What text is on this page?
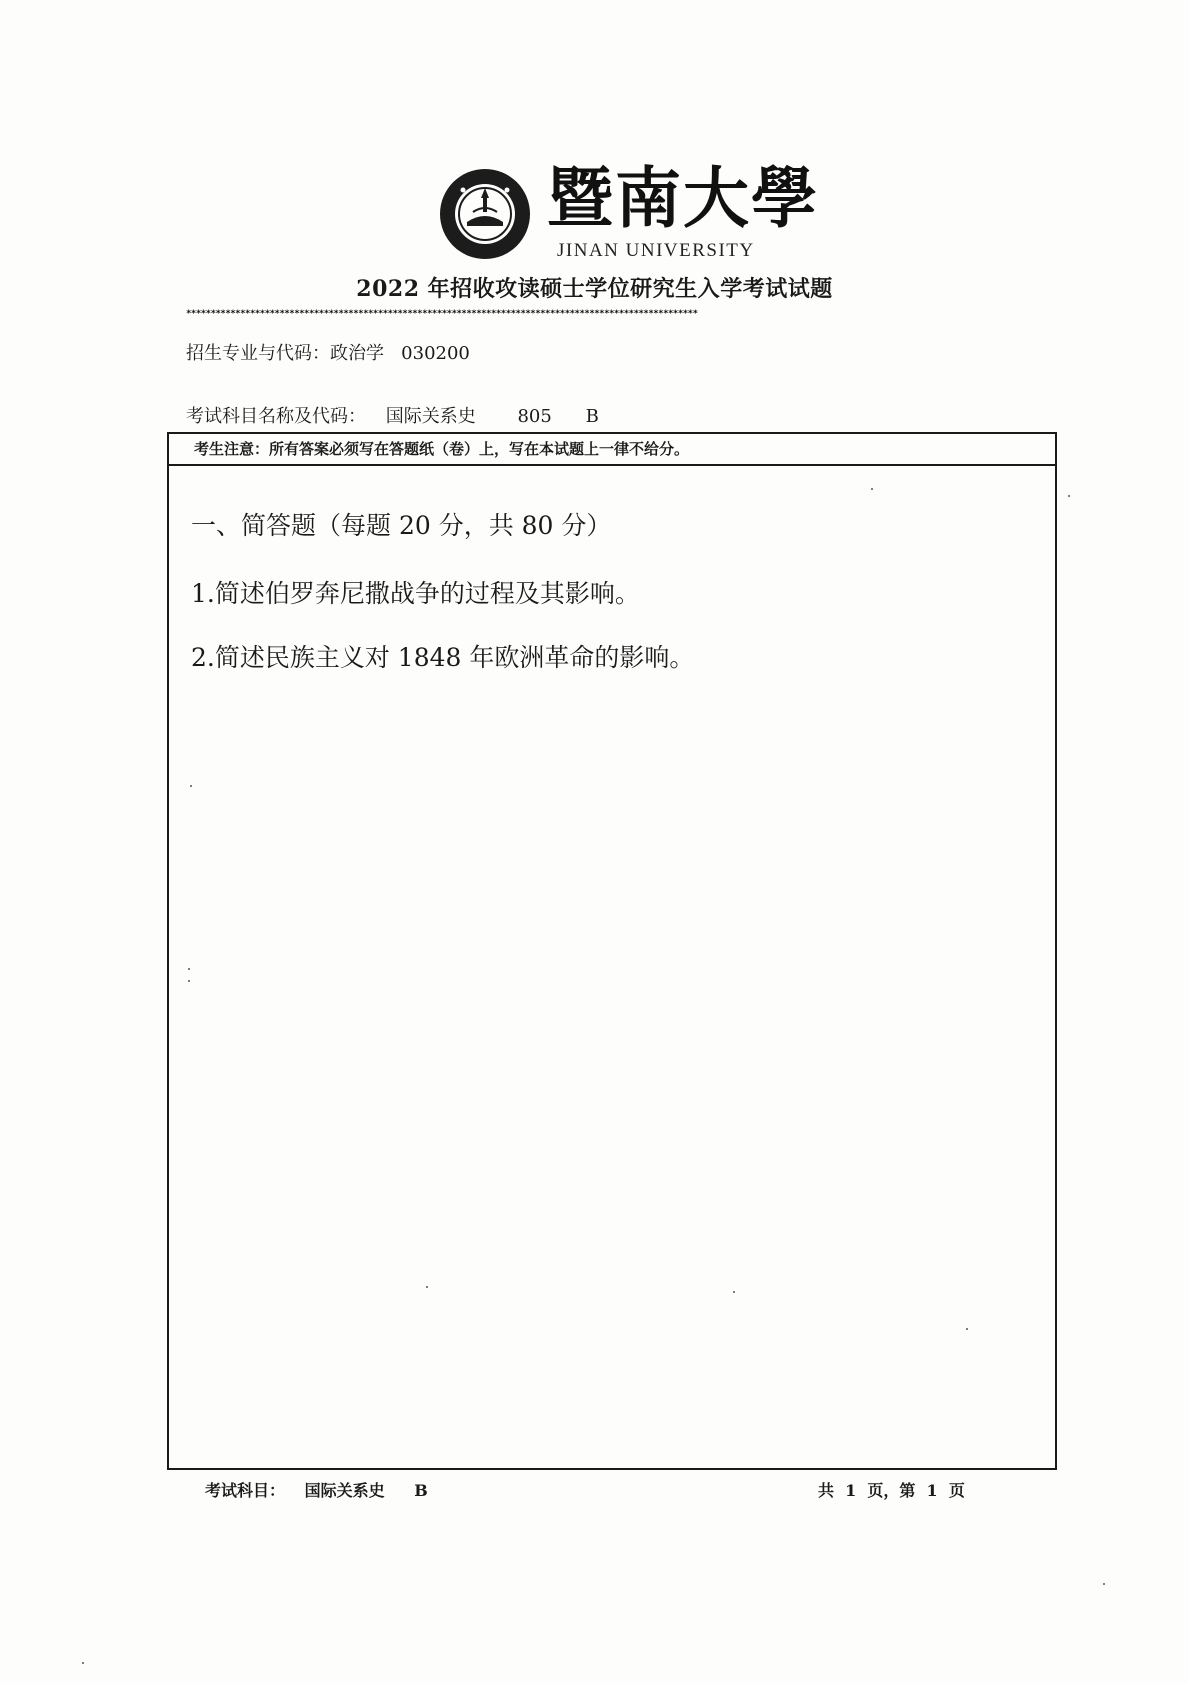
暨南大學
JINAN UNIVERSITY
2022 年招收攻读硕士学位研究生入学考试试题
********************************************************************************************************
招生专业与代码：政治学   030200
考试科目名称及代码： 国际关系史 805 B
考生注意：所有答案必须写在答题纸（卷）上，写在本试题上一律不给分。
一、简答题（每题 20 分，共 80 分）
1.简述伯罗奔尼撒战争的过程及其影响。
2.简述民族主义对 1848 年欧洲革命的影响。
考试科目： 国际关系史 B	共  1  页，第  1  页
